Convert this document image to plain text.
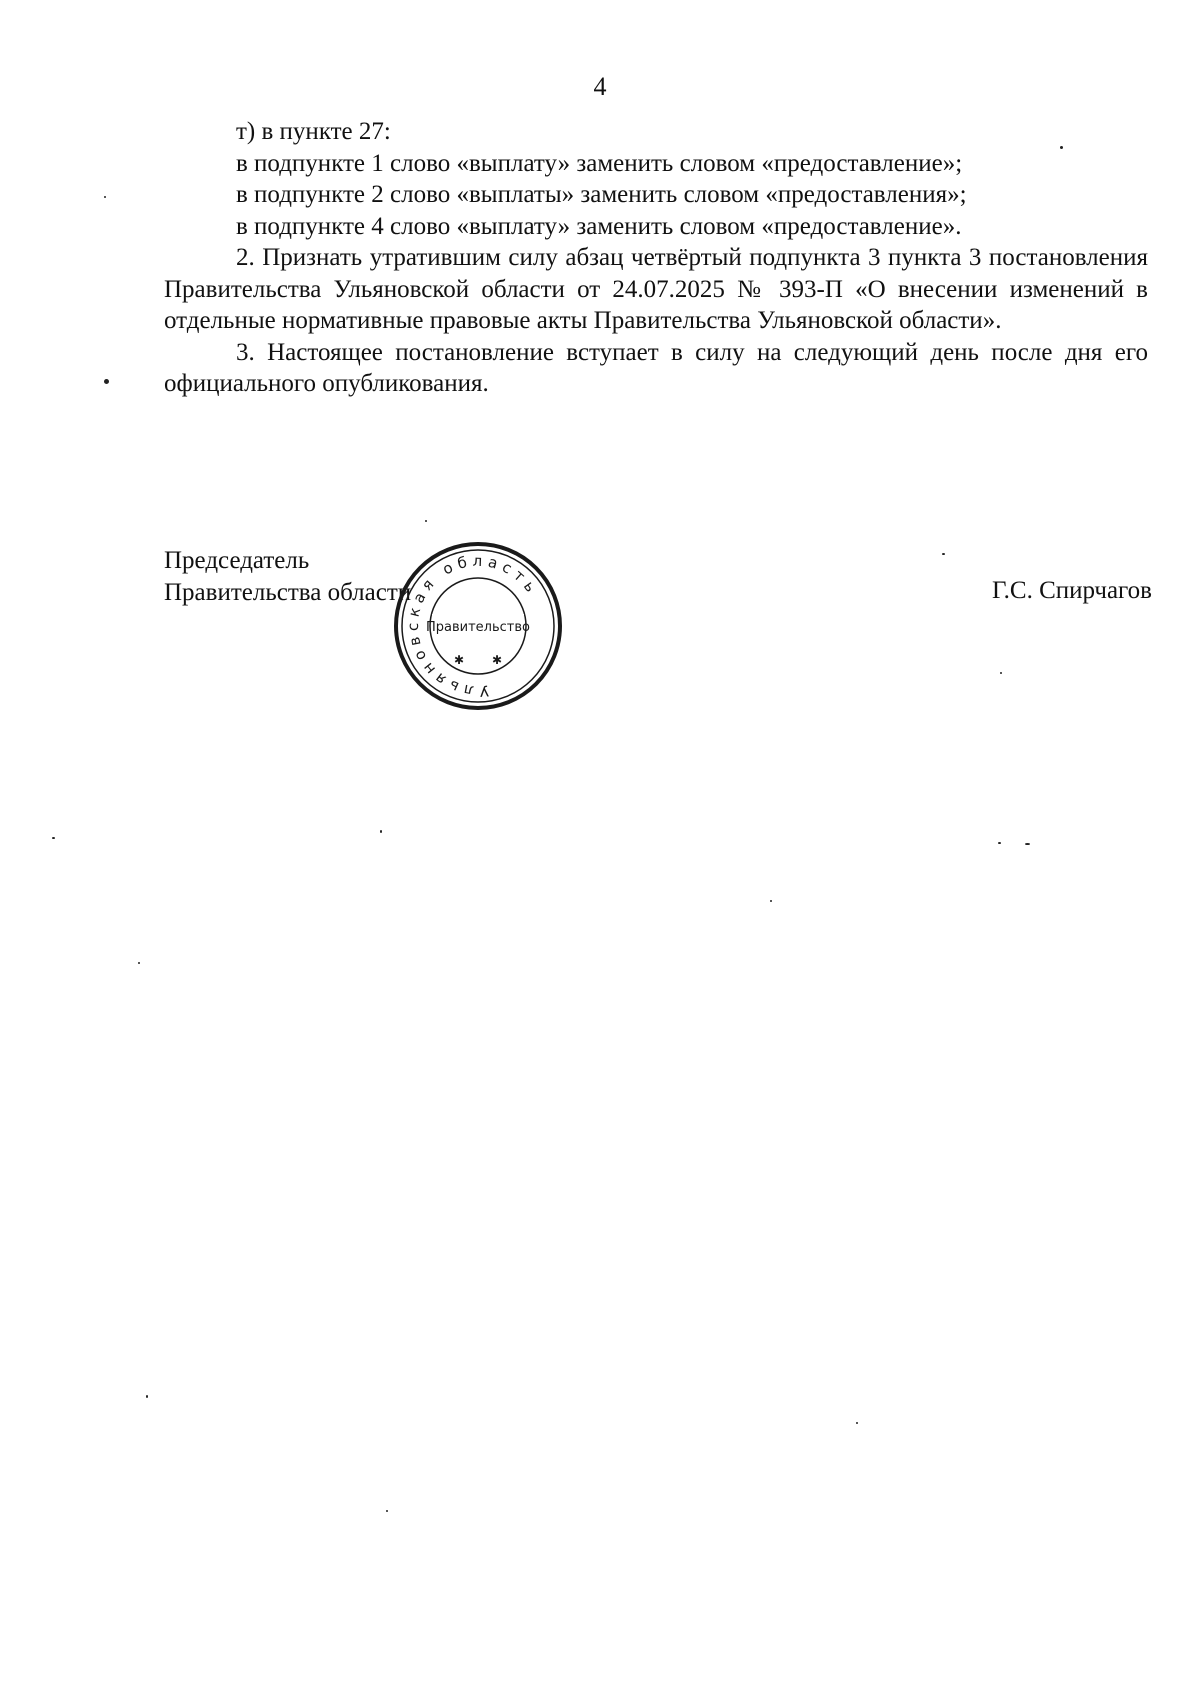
4

т) в пункте 27:

в подпункте 1 слово «выплату» заменить словом «предоставление»;

в подпункте 2 слово «выплаты» заменить словом «предоставления»;

в подпункте 4 слово «выплату» заменить словом «предоставление».

2. Признать утратившим силу абзац четвёртый подпункта 3 пункта 3 постановления Правительства Ульяновской области от 24.07.2025 № 393-П «О внесении изменений в отдельные нормативные правовые акты Правительства Ульяновской области».

3. Настоящее постановление вступает в силу на следующий день после дня его официального опубликования.

Председатель
Правительства области	Г.С. Спирчагов
Ульяновская область
Правительство
✱ ✱
